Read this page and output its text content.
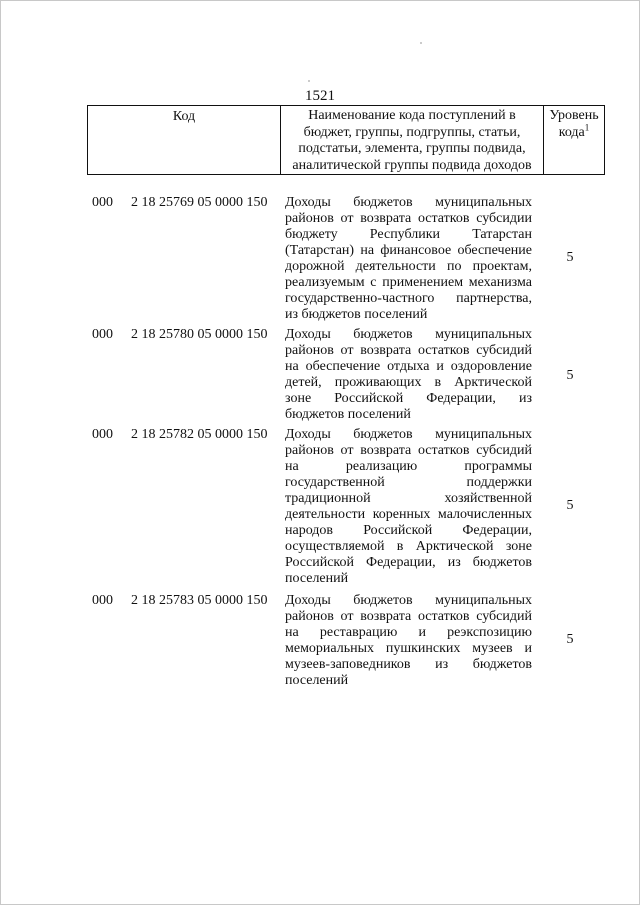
1521
Код	Наименование кода поступлений в
бюджет, группы, подгруппы, статьи,
подстатьи, элемента, группы подвида,
аналитической группы подвида доходов
Уровень
кода$^1$
000 2 18 25769 05 0000 150 Доходы бюджетов муниципальных
районов от возврата остатков субсидии
бюджету Республики Татарстан
(Татарстан) на финансовое обеспечение
дорожной деятельности по проектам,
реализуемым с применением механизма
государственно-частного партнерства,
из бюджетов поселений
5
000 2 18 25780 05 0000 150 Доходы бюджетов муниципальных
районов от возврата остатков субсидий
на обеспечение отдыха и оздоровление
детей, проживающих в Арктической
зоне Российской Федерации, из
бюджетов поселений
5
000 2 18 25782 05 0000 150 Доходы бюджетов муниципальных
районов от возврата остатков субсидий
на реализацию программы
государственной поддержки
традиционной хозяйственной
деятельности коренных малочисленных
народов Российской Федерации,
осуществляемой в Арктической зоне
Российской Федерации, из бюджетов
поселений
5
000 2 18 25783 05 0000 150 Доходы бюджетов муниципальных
районов от возврата остатков субсидий
на реставрацию и реэкспозицию
мемориальных пушкинских музеев и
музеев-заповедников из бюджетов
поселений
5
